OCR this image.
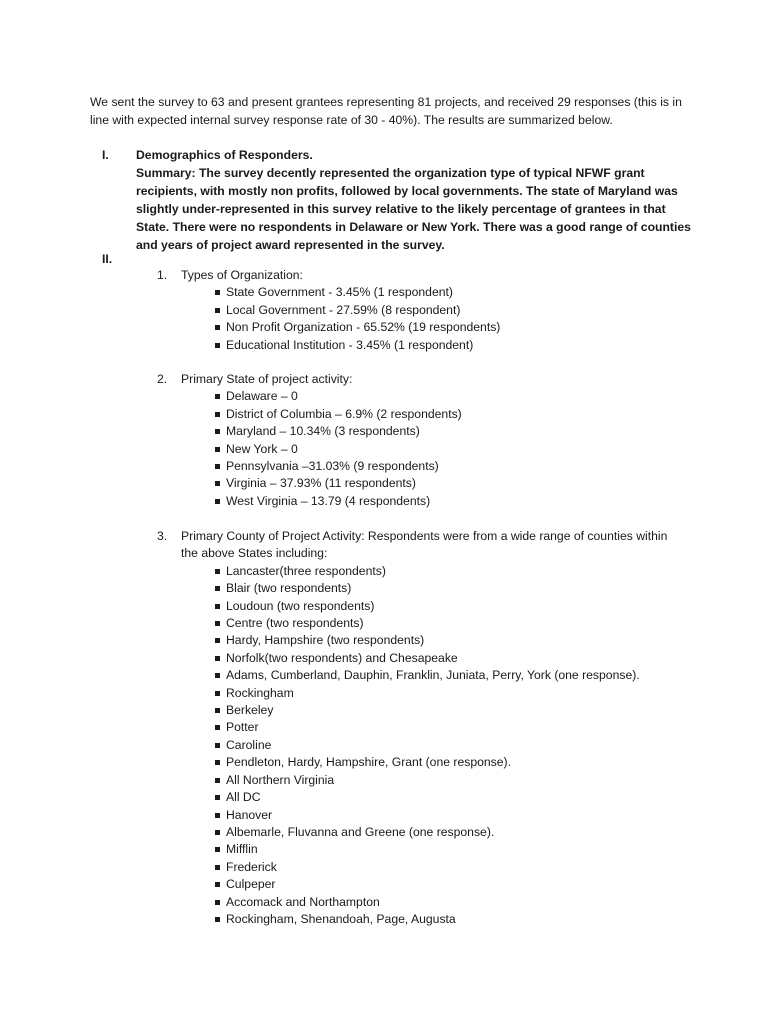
We sent the survey to 63 and present grantees representing 81 projects, and received 29 responses (this is in line with expected internal survey response rate of 30 - 40%). The results are summarized below.
I. Demographics of Responders.
Summary: The survey decently represented the organization type of typical NFWF grant recipients, with mostly non profits, followed by local governments. The state of Maryland was slightly under-represented in this survey relative to the likely percentage of grantees in that State. There were no respondents in Delaware or New York. There was a good range of counties and years of project award represented in the survey.
II.
1. Types of Organization:
State Government - 3.45% (1 respondent)
Local Government - 27.59% (8 respondent)
Non Profit Organization - 65.52% (19 respondents)
Educational Institution - 3.45% (1 respondent)
2. Primary State of project activity:
Delaware – 0
District of Columbia – 6.9% (2 respondents)
Maryland – 10.34% (3 respondents)
New York – 0
Pennsylvania –31.03% (9 respondents)
Virginia – 37.93% (11 respondents)
West Virginia – 13.79 (4 respondents)
3. Primary County of Project Activity: Respondents were from a wide range of counties within the above States including:
Lancaster(three respondents)
Blair (two respondents)
Loudoun (two respondents)
Centre (two respondents)
Hardy, Hampshire (two respondents)
Norfolk(two respondents) and Chesapeake
Adams, Cumberland, Dauphin, Franklin, Juniata, Perry, York (one response).
Rockingham
Berkeley
Potter
Caroline
Pendleton, Hardy, Hampshire, Grant (one response).
All Northern Virginia
All DC
Hanover
Albemarle, Fluvanna and Greene (one response).
Mifflin
Frederick
Culpeper
Accomack and Northampton
Rockingham, Shenandoah, Page, Augusta
